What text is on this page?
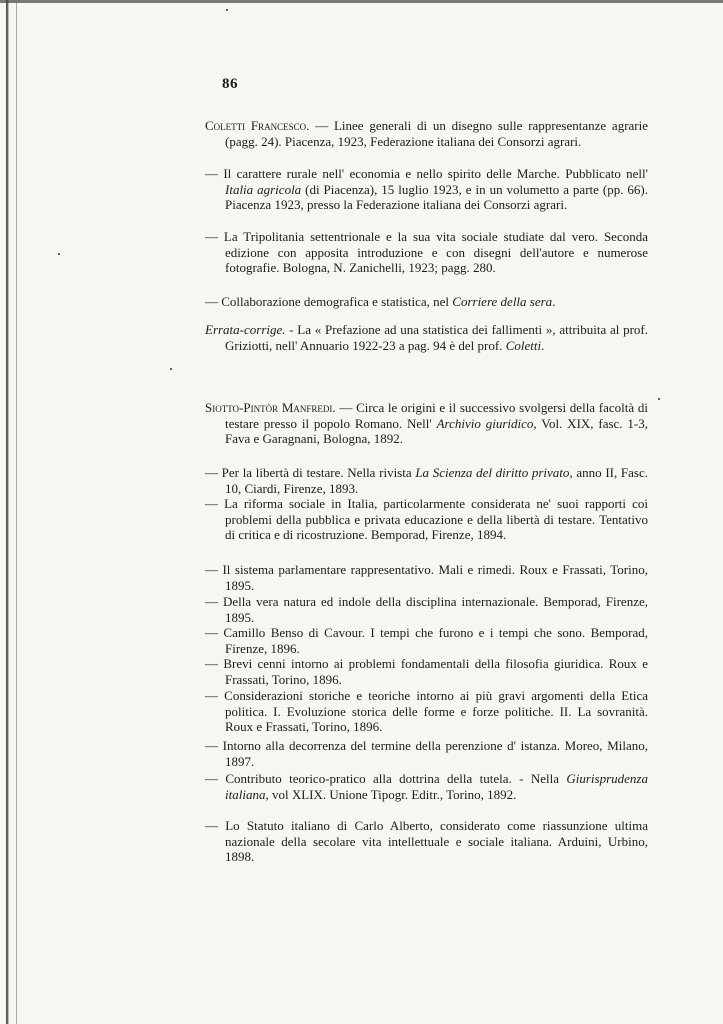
86
Coletti Francesco. — Linee generali di un disegno sulle rappresentanze agrarie (pagg. 24). Piacenza, 1923, Federazione italiana dei Consorzi agrari.
— Il carattere rurale nell' economia e nello spirito delle Marche. Pubblicato nell' Italia agricola (di Piacenza), 15 luglio 1923, e in un volumetto a parte (pp. 66). Piacenza 1923, presso la Federazione italiana dei Consorzi agrari.
— La Tripolitania settentrionale e la sua vita sociale studiate dal vero. Seconda edizione con apposita introduzione e con disegni dell'autore e numerose fotografie. Bologna, N. Zanichelli, 1923; pagg. 280.
— Collaborazione demografica e statistica, nel Corriere della sera.
Errata-corrige. - La « Prefazione ad una statistica dei fallimenti », attribuita al prof. Griziotti, nell' Annuario 1922-23 a pag. 94 è del prof. Coletti.
Siotto-Pintòr Manfredi. — Circa le origini e il successivo svolgersi della facoltà di testare presso il popolo Romano. Nell' Archivio giuridico, Vol. XIX, fasc. 1-3, Fava e Garagnani, Bologna, 1892.
— Per la libertà di testare. Nella rivista La Scienza del diritto privato, anno II, Fasc. 10, Ciardi, Firenze, 1893.
— La riforma sociale in Italia, particolarmente considerata ne' suoi rapporti coi problemi della pubblica e privata educazione e della libertà di testare. Tentativo di critica e di ricostruzione. Bemporad, Firenze, 1894.
— Il sistema parlamentare rappresentativo. Mali e rimedi. Roux e Frassati, Torino, 1895.
— Della vera natura ed indole della disciplina internazionale. Bemporad, Firenze, 1895.
— Camillo Benso di Cavour. I tempi che furono e i tempi che sono. Bemporad, Firenze, 1896.
— Brevi cenni intorno ai problemi fondamentali della filosofia giuridica. Roux e Frassati, Torino, 1896.
— Considerazioni storiche e teoriche intorno ai più gravi argomenti della Etica politica. I. Evoluzione storica delle forme e forze politiche. II. La sovranità. Roux e Frassati, Torino, 1896.
— Intorno alla decorrenza del termine della perenzione d' istanza. Moreo, Milano, 1897.
— Contributo teorico-pratico alla dottrina della tutela. - Nella Giurisprudenza italiana, vol XLIX. Unione Tipogr. Editr., Torino, 1892.
— Lo Statuto italiano di Carlo Alberto, considerato come riassunzione ultima nazionale della secolare vita intellettuale e sociale italiana. Arduini, Urbino, 1898.
